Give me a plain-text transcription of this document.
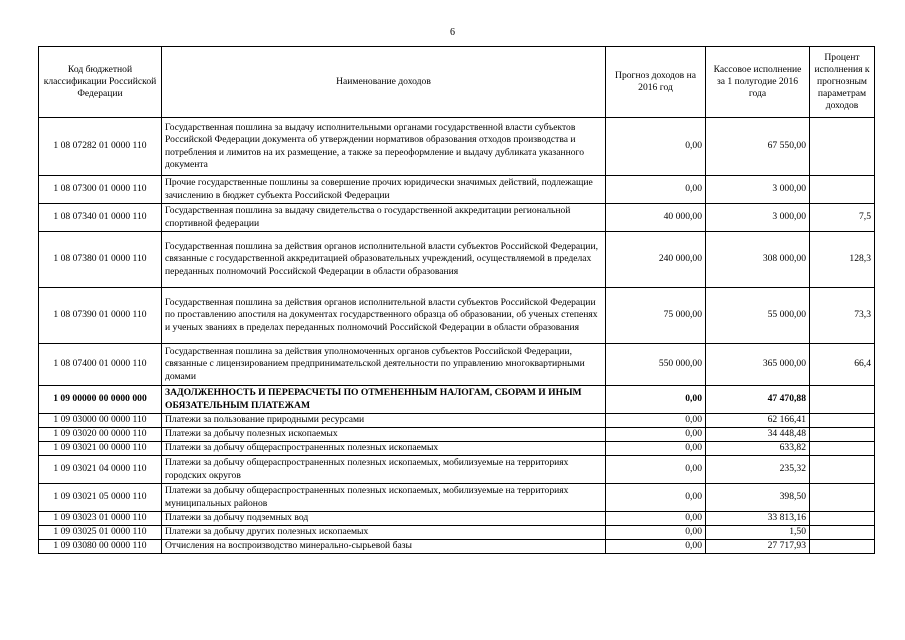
6
Код бюджетной классификации Российской Федерации	Наименование доходов	Прогноз доходов на 2016 год	Кассовое исполнение за 1 полугодие 2016 года	Процент исполнения к прогнозным параметрам доходов
1 08 07282 01 0000 110	Государственная пошлина за выдачу исполнительными органами государственной власти субъектов Российской Федерации документа об утверждении нормативов образования отходов производства и потребления и лимитов на их размещение, а также за переоформление и выдачу дубликата указанного документа	0,00	67 550,00	
1 08 07300 01 0000 110	Прочие государственные пошлины за совершение прочих юридически значимых действий, подлежащие зачислению в бюджет субъекта Российской Федерации	0,00	3 000,00	
1 08 07340 01 0000 110	Государственная пошлина за выдачу свидетельства о государственной аккредитации региональной спортивной федерации	40 000,00	3 000,00	7,5
1 08 07380 01 0000 110	Государственная пошлина за действия органов исполнительной власти субъектов Российской Федерации, связанные с государственной аккредитацией образовательных учреждений, осуществляемой в пределах переданных полномочий Российской Федерации в области образования	240 000,00	308 000,00	128,3
1 08 07390 01 0000 110	Государственная пошлина за действия органов исполнительной власти субъектов Российской Федерации по проставлению апостиля на документах государственного образца об образовании, об ученых степенях и ученых званиях в пределах переданных полномочий Российской Федерации в области образования	75 000,00	55 000,00	73,3
1 08 07400 01 0000 110	Государственная пошлина за действия уполномоченных органов субъектов Российской Федерации, связанные с лицензированием предпринимательской деятельности по управлению многоквартирными домами	550 000,00	365 000,00	66,4
1 09 00000 00 0000 000	ЗАДОЛЖЕННОСТЬ И ПЕРЕРАСЧЕТЫ ПО ОТМЕНЕННЫМ НАЛОГАМ, СБОРАМ И ИНЫМ ОБЯЗАТЕЛЬНЫМ ПЛАТЕЖАМ	0,00	47 470,88	
1 09 03000 00 0000 110	Платежи за пользование природными ресурсами	0,00	62 166,41	
1 09 03020 00 0000 110	Платежи за добычу полезных ископаемых	0,00	34 448,48	
1 09 03021 00 0000 110	Платежи за добычу общераспространенных полезных ископаемых	0,00	633,82	
1 09 03021 04 0000 110	Платежи за добычу общераспространенных полезных ископаемых, мобилизуемые на территориях городских округов	0,00	235,32	
1 09 03021 05 0000 110	Платежи за добычу общераспространенных полезных ископаемых, мобилизуемые на территориях муниципальных районов	0,00	398,50	
1 09 03023 01 0000 110	Платежи за добычу подземных вод	0,00	33 813,16	
1 09 03025 01 0000 110	Платежи за добычу других полезных ископаемых	0,00	1,50	
1 09 03080 00 0000 110	Отчисления на воспроизводство минерально-сырьевой базы	0,00	27 717,93	
